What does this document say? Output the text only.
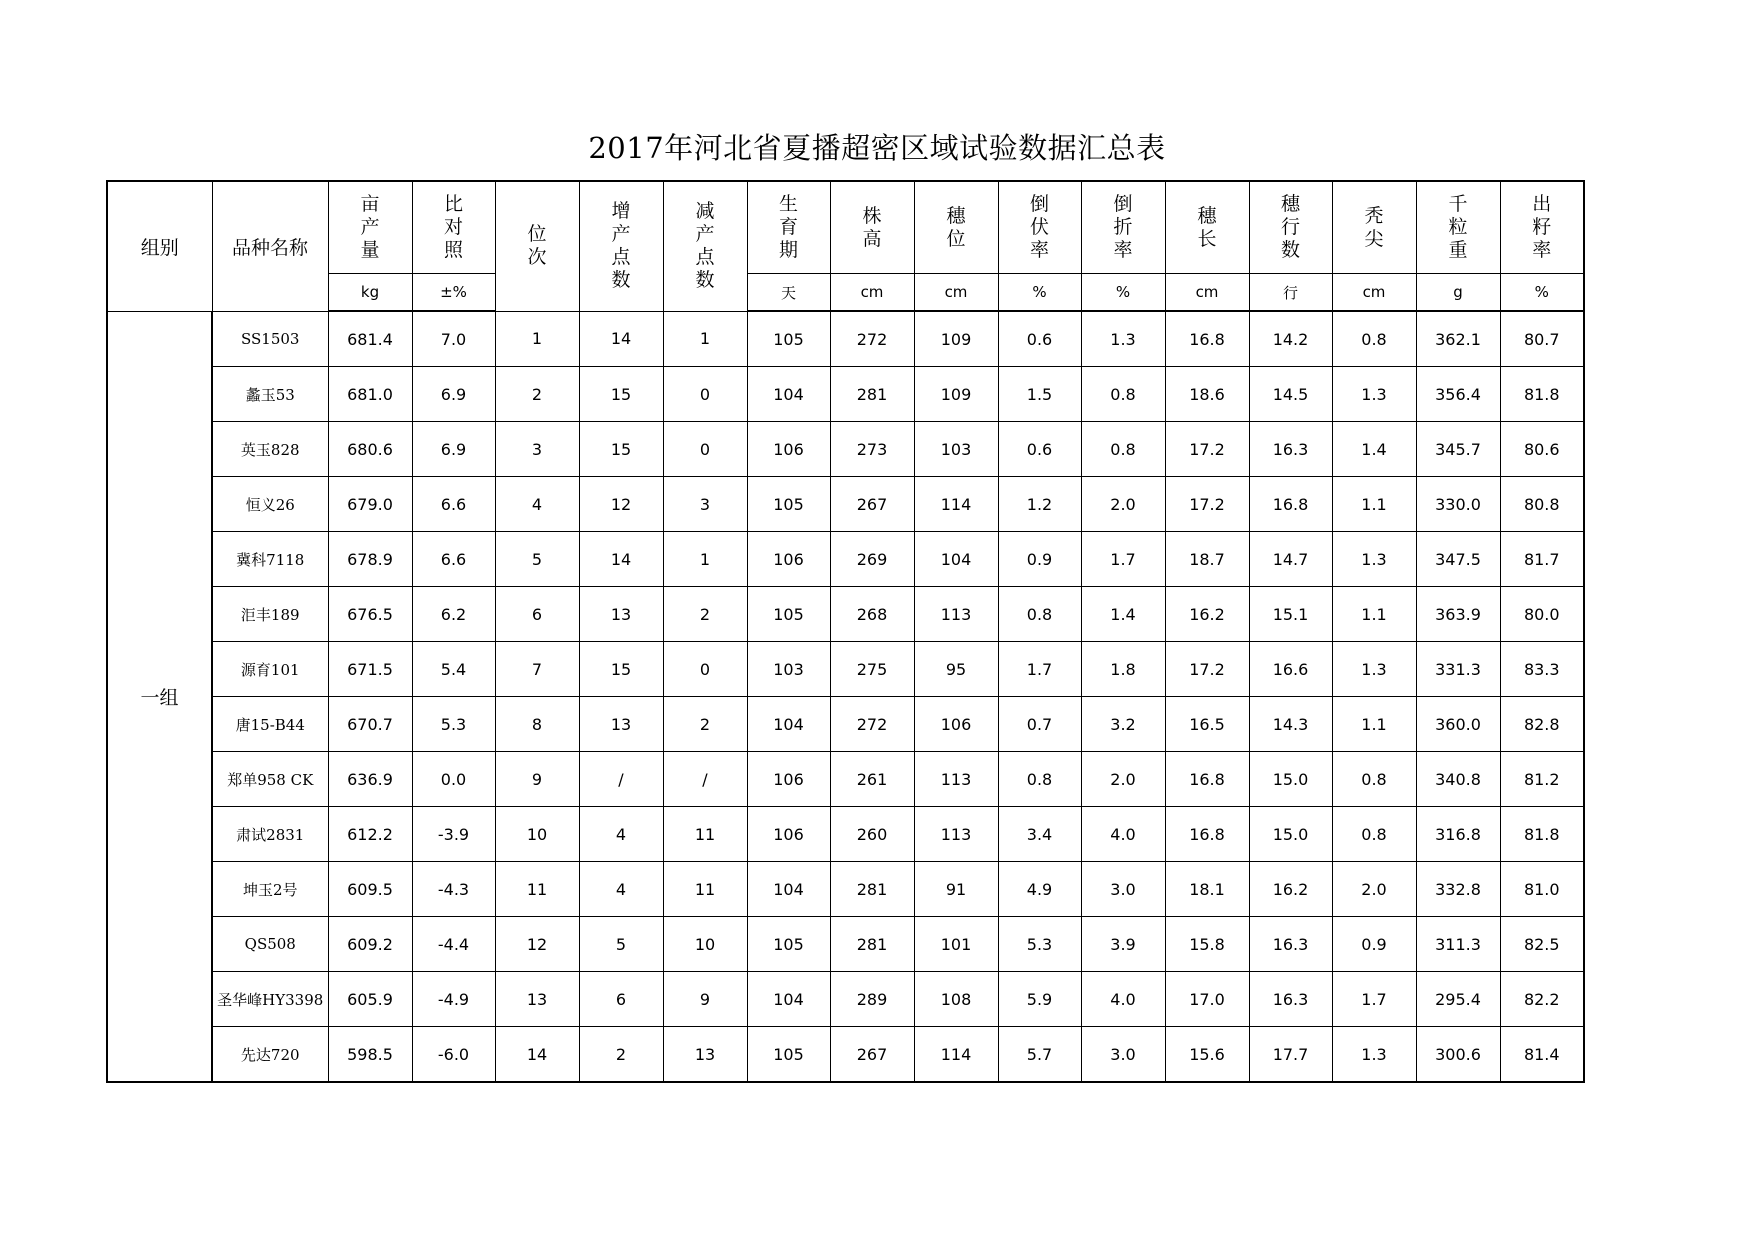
2017年河北省夏播超密区域试验数据汇总表
组别	品种名称	亩产量	比对照	位次	增产点数	减产点数	生育期	株高	穗位	倒伏率	倒折率	穗长	穗行数	秃尖	千粒重	出籽率
		kg	±%				天	cm	cm	%	%	cm	行	cm	g	%
一组	SS1503	681.4	7.0	1	14	1	105	272	109	0.6	1.3	16.8	14.2	0.8	362.1	80.7
	蠡玉53	681.0	6.9	2	15	0	104	281	109	1.5	0.8	18.6	14.5	1.3	356.4	81.8
	英玉828	680.6	6.9	3	15	0	106	273	103	0.6	0.8	17.2	16.3	1.4	345.7	80.6
	恒义26	679.0	6.6	4	12	3	105	267	114	1.2	2.0	17.2	16.8	1.1	330.0	80.8
	冀科7118	678.9	6.6	5	14	1	106	269	104	0.9	1.7	18.7	14.7	1.3	347.5	81.7
	洰丰189	676.5	6.2	6	13	2	105	268	113	0.8	1.4	16.2	15.1	1.1	363.9	80.0
	源育101	671.5	5.4	7	15	0	103	275	95	1.7	1.8	17.2	16.6	1.3	331.3	83.3
	唐15-B44	670.7	5.3	8	13	2	104	272	106	0.7	3.2	16.5	14.3	1.1	360.0	82.8
	郑单958 CK	636.9	0.0	9	/	/	106	261	113	0.8	2.0	16.8	15.0	0.8	340.8	81.2
	肃试2831	612.2	-3.9	10	4	11	106	260	113	3.4	4.0	16.8	15.0	0.8	316.8	81.8
	坤玉2号	609.5	-4.3	11	4	11	104	281	91	4.9	3.0	18.1	16.2	2.0	332.8	81.0
	QS508	609.2	-4.4	12	5	10	105	281	101	5.3	3.9	15.8	16.3	0.9	311.3	82.5
	圣华峰HY3398	605.9	-4.9	13	6	9	104	289	108	5.9	4.0	17.0	16.3	1.7	295.4	82.2
	先达720	598.5	-6.0	14	2	13	105	267	114	5.7	3.0	15.6	17.7	1.3	300.6	81.4
